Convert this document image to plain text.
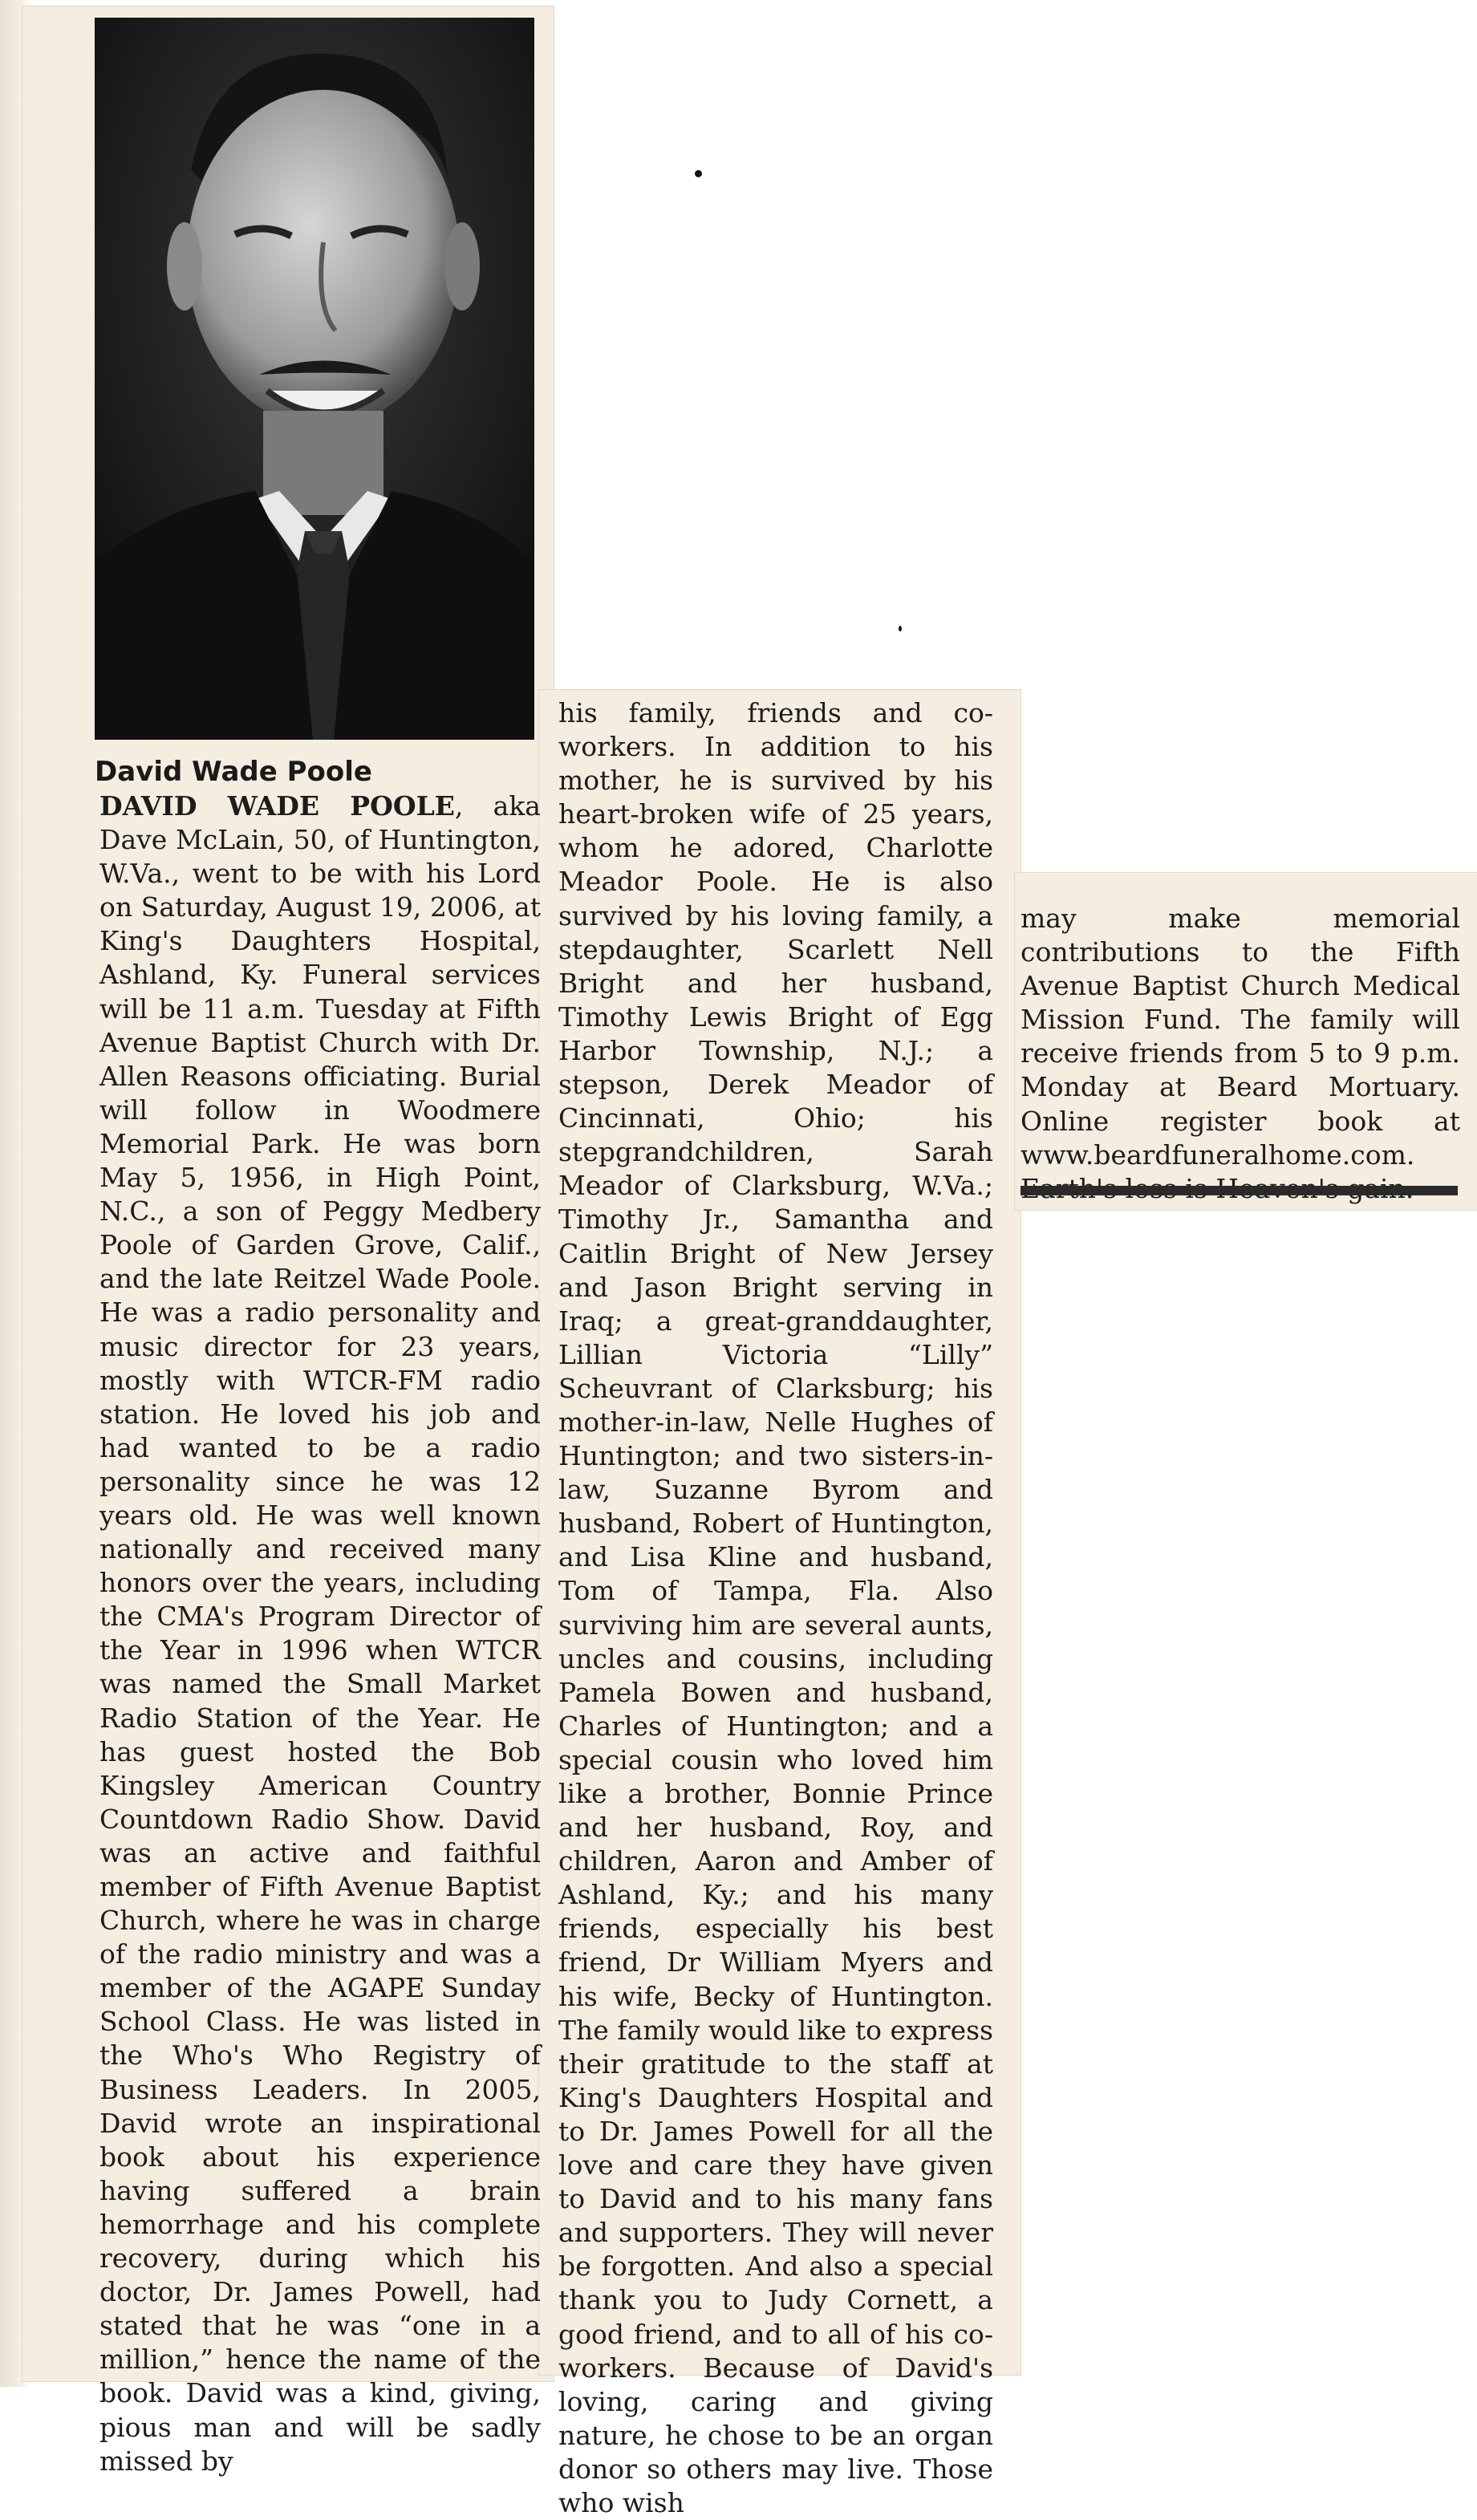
David Wade Poole

DAVID WADE POOLE, aka Dave McLain, 50, of Huntington, W.Va., went to be with his Lord on Saturday, August 19, 2006, at King's Daughters Hospital, Ashland, Ky. Funeral services will be 11 a.m. Tuesday at Fifth Avenue Baptist Church with Dr. Allen Reasons officiating. Burial will follow in Woodmere Memorial Park. He was born May 5, 1956, in High Point, N.C., a son of Peggy Medbery Poole of Garden Grove, Calif., and the late Reitzel Wade Poole. He was a radio personality and music director for 23 years, mostly with WTCR-FM radio station. He loved his job and had wanted to be a radio personality since he was 12 years old. He was well known nationally and received many honors over the years, including the CMA's Program Director of the Year in 1996 when WTCR was named the Small Market Radio Station of the Year. He has guest hosted the Bob Kingsley American Country Countdown Radio Show. David was an active and faithful member of Fifth Avenue Baptist Church, where he was in charge of the radio ministry and was a member of the AGAPE Sunday School Class. He was listed in the Who's Who Registry of Business Leaders. In 2005, David wrote an inspirational book about his experience having suffered a brain hemorrhage and his complete recovery, during which his doctor, Dr. James Powell, had stated that he was “one in a million,” hence the name of the book. David was a kind, giving, pious man and will be sadly missed by

his family, friends and co-workers. In addition to his mother, he is survived by his heart-broken wife of 25 years, whom he adored, Charlotte Meador Poole. He is also survived by his loving family, a stepdaughter, Scarlett Nell Bright and her husband, Timothy Lewis Bright of Egg Harbor Township, N.J.; a stepson, Derek Meador of Cincinnati, Ohio; his stepgrandchildren, Sarah Meador of Clarksburg, W.Va.; Timothy Jr., Samantha and Caitlin Bright of New Jersey and Jason Bright serving in Iraq; a great-granddaughter, Lillian Victoria “Lilly” Scheuvrant of Clarksburg; his mother-in-law, Nelle Hughes of Huntington; and two sisters-in-law, Suzanne Byrom and husband, Robert of Huntington, and Lisa Kline and husband, Tom of Tampa, Fla. Also surviving him are several aunts, uncles and cousins, including Pamela Bowen and husband, Charles of Huntington; and a special cousin who loved him like a brother, Bonnie Prince and her husband, Roy, and children, Aaron and Amber of Ashland, Ky.; and his many friends, especially his best friend, Dr William Myers and his wife, Becky of Huntington. The family would like to express their gratitude to the staff at King's Daughters Hospital and to Dr. James Powell for all the love and care they have given to David and to his many fans and supporters. They will never be forgotten. And also a special thank you to Judy Cornett, a good friend, and to all of his co-workers. Because of David's loving, caring and giving nature, he chose to be an organ donor so others may live. Those who wish

may make memorial contributions to the Fifth Avenue Baptist Church Medical Mission Fund. The family will receive friends from 5 to 9 p.m. Monday at Beard Mortuary. Online register book at www.beardfuneralhome.com.
